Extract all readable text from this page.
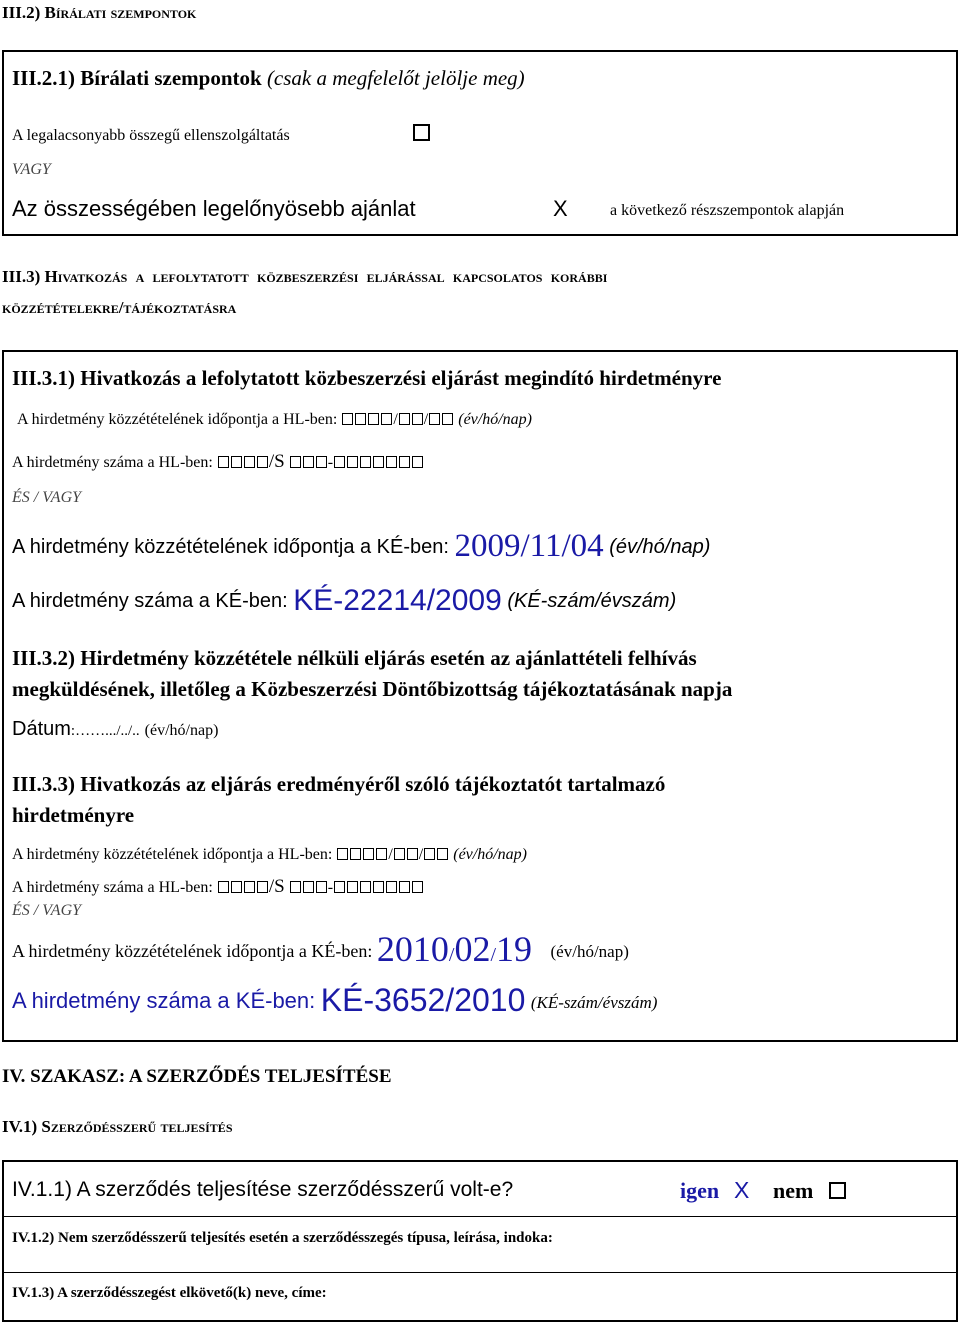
III.2) Bírálati szempontok
III.2.1) Bírálati szempontok (csak a megfelelőt jelölje meg)
A legalacsonyabb összegű ellenszolgáltatás
VAGY
Az összességében legelőnyösebb ajánlat	X	a következő részszempontok alapján
III.3) Hivatkozás a lefolytatott közbeszerzési eljárással kapcsolatos korábbi
közzétételekre/tájékoztatásra
III.3.1) Hivatkozás a lefolytatott közbeszerzési eljárást megindító hirdetményre
A hirdetmény közzétételének időpontja a HL-ben:	/ / (év/hó/nap)
A hirdetmény száma a HL-ben:	/S	-
ÉS / VAGY
A hirdetmény közzétételének időpontja a KÉ-ben: 2009/11/04 (év/hó/nap)
A hirdetmény száma a KÉ-ben: KÉ-22214/2009 (KÉ-szám/évszám)
III.3.2) Hirdetmény közzététele nélküli eljárás esetén az ajánlattételi felhívás
megküldésének, illetőleg a Közbeszerzési Döntőbizottság tájékoztatásának napja
Dátum:…….../../.. (év/hó/nap)
III.3.3) Hivatkozás az eljárás eredményéről szóló tájékoztatót tartalmazó
hirdetményre
A hirdetmény közzétételének időpontja a HL-ben:	/ / (év/hó/nap)
A hirdetmény száma a HL-ben:	/S	-
ÉS / VAGY
A hirdetmény közzétételének időpontja a KÉ-ben: 2010/02/19 (év/hó/nap)
A hirdetmény száma a KÉ-ben: KÉ-3652/2010 (KÉ-szám/évszám)
IV. SZAKASZ: A SZERZŐDÉS TELJESÍTÉSE
IV.1) Szerződésszerű teljesítés
IV.1.1) A szerződés teljesítése szerződésszerű volt-e?	igen X nem
IV.1.2) Nem szerződésszerű teljesítés esetén a szerződésszegés típusa, leírása, indoka:
IV.1.3) A szerződésszegést elkövető(k) neve, címe:
